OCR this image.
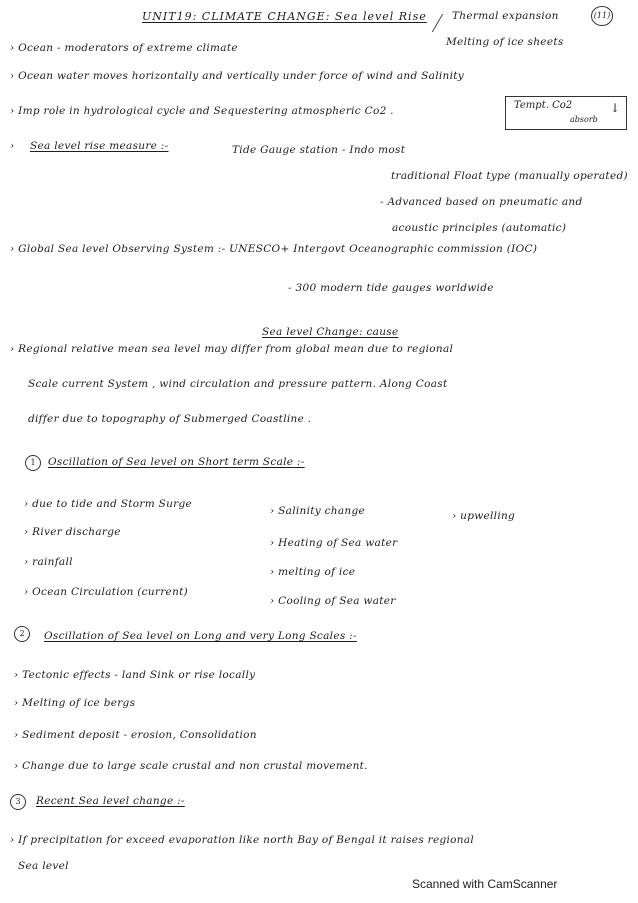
UNIT19: CLIMATE CHANGE: Sea level Rise Thermal expansion
Melting of ice sheets
(11)
› Ocean - moderators of extreme climate
› Ocean water moves horizontally and vertically under force of wind and Salinity
› Imp role in hydrological cycle and Sequestering atmospheric Co2 .	Tempt. Co2
absorb
↓
› Sea level rise measure :-	Tide Gauge station - Indo most
traditional Float type (manually operated)
- Advanced based on pneumatic and
acoustic principles (automatic)
› Global Sea level Observing System :- UNESCO+ Intergovt Oceanographic commission (IOC)
- 300 modern tide gauges worldwide
Sea level Change: cause
› Regional relative mean sea level may differ from global mean due to regional
Scale current System , wind circulation and pressure pattern. Along Coast
differ due to topography of Submerged Coastline .
1	Oscillation of Sea level on Short term Scale :-
› due to tide and Storm Surge
› River discharge
› rainfall
› Ocean Circulation (current)
› Salinity change
› Heating of Sea water
› melting of ice
› Cooling of Sea water
› upwelling
2	Oscillation of Sea level on Long and very Long Scales :-
› Tectonic effects - land Sink or rise locally
› Melting of ice bergs
› Sediment deposit - erosion, Consolidation
› Change due to large scale crustal and non crustal movement.
3	Recent Sea level change :-
› If precipitation for exceed evaporation like north Bay of Bengal it raises regional
Sea level
Scanned with CamScanner
